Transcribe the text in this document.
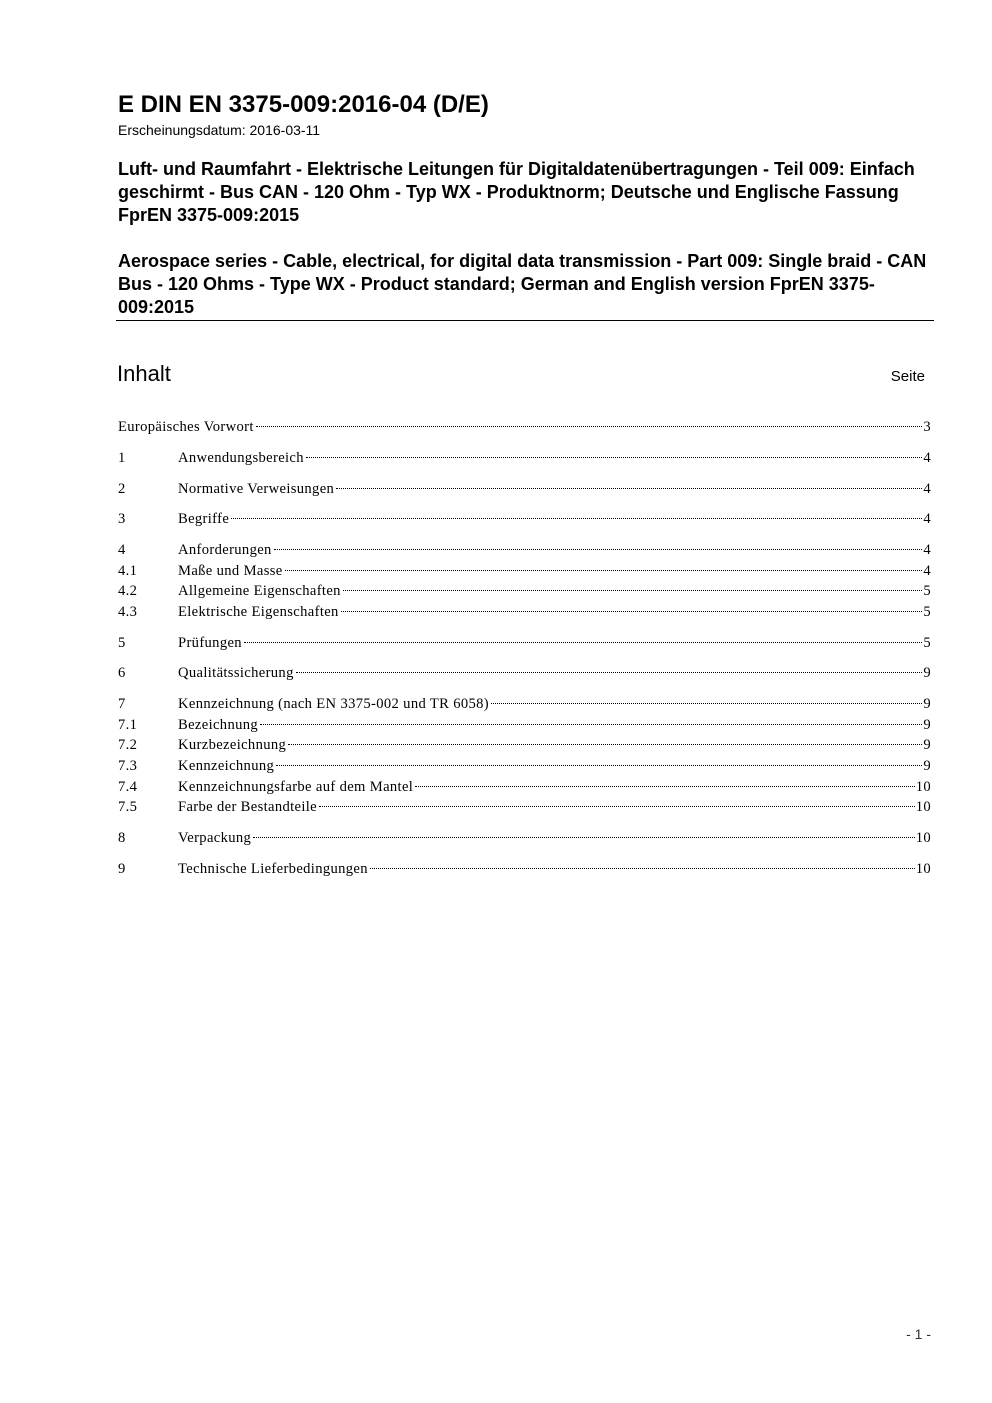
E DIN EN 3375-009:2016-04 (D/E)
Erscheinungsdatum: 2016-03-11
Luft- und Raumfahrt - Elektrische Leitungen für Digitaldatenübertragungen - Teil 009: Einfach geschirmt - Bus CAN - 120 Ohm - Typ WX - Produktnorm; Deutsche und Englische Fassung FprEN 3375-009:2015
Aerospace series - Cable, electrical, for digital data transmission - Part 009: Single braid - CAN Bus - 120 Ohms - Type WX - Product standard; German and English version FprEN 3375-009:2015
Inhalt	Seite
Europäisches Vorwort	3
1	Anwendungsbereich	4
2	Normative Verweisungen	4
3	Begriffe	4
4	Anforderungen	4
4.1	Maße und Masse	4
4.2	Allgemeine Eigenschaften	5
4.3	Elektrische Eigenschaften	5
5	Prüfungen	5
6	Qualitätssicherung	9
7	Kennzeichnung (nach EN 3375-002 und TR 6058)	9
7.1	Bezeichnung	9
7.2	Kurzbezeichnung	9
7.3	Kennzeichnung	9
7.4	Kennzeichnungsfarbe auf dem Mantel	10
7.5	Farbe der Bestandteile	10
8	Verpackung	10
9	Technische Lieferbedingungen	10
- 1 -
